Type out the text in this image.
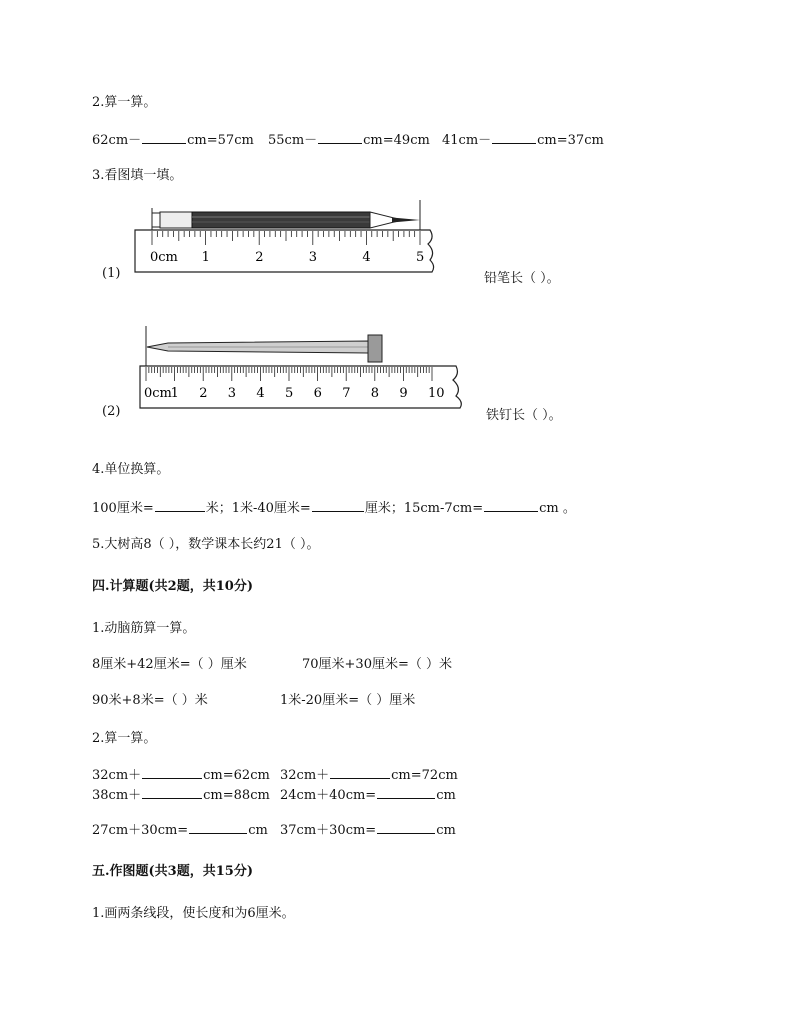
2.算一算。
62cm－	cm=57cm 55cm－	cm=49cm 41cm－	cm=37cm
3.看图填一填。
(1)
0cm 1	2	3	4	5
铅笔长（ ）。
(2)
0cm
1 2 3 4 5 6 7 8 9 10
铁钉长（ ）。
4.单位换算。
100厘米=	米；1米-40厘米=	厘米；15cm-7cm=	cm 。
5.大树高8（ ），数学课本长约21（ ）。
四.计算题(共2题，共10分)
1.动脑筋算一算。
8厘米+42厘米=（ ）厘米	70厘米+30厘米=（ ）米
90米+8米=（ ）米	1米-20厘米=（ ）厘米
2.算一算。
32cm＋	cm=62cm 32cm＋	cm=72cm
38cm＋	cm=88cm 24cm＋40cm=	cm
27cm＋30cm=	cm 37cm＋30cm=	cm
五.作图题(共3题，共15分)
1.画两条线段，使长度和为6厘米。
